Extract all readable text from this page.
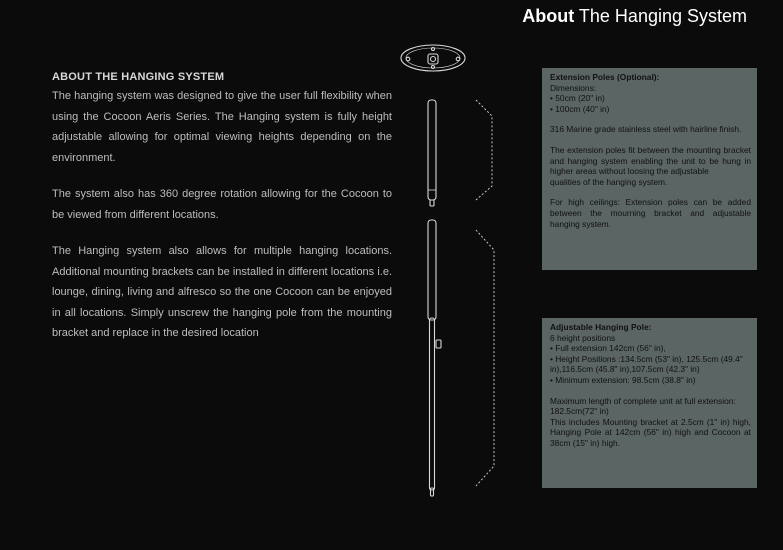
About The Hanging System
ABOUT THE HANGING SYSTEM

The hanging system was designed to give the user full flexibility when using the Cocoon Aeris Series. The Hanging system is fully height adjustable allowing for optimal viewing heights depending on the environment.

The system also has 360 degree rotation allowing for the Cocoon to be viewed from different locations.

The Hanging system also allows for multiple hanging locations. Additional mounting brackets can be installed in different locations i.e. lounge, dining, living and alfresco so the one Cocoon can be enjoyed in all locations. Simply unscrew the hanging pole from the mounting bracket and replace in the desired location

Extension Poles (Optional):

Dimensions:

• 50cm (20" in)

• 100cm (40" in)

316 Marine grade stainless steel with hairline finish.

The extension poles fit between the mounting bracket and hanging system enabling the unit to be hung in higher areas without loosing the adjustable

qualities of the hanging system.

For high ceilings: Extension poles can be added between the mourning bracket and adjustable hanging system.

Adjustable Hanging Pole:

6 height positions

• Full extension 142cm (56" in),

• Height Positions :134.5cm (53" in), 125.5cm (49.4"

in),116.5cm (45.8" in),107.5cm (42.3" in)

• Minimum extension: 98.5cm (38.8" in)

Maximum length of complete unit at full extension:

182.5cm(72" in)

This includes Mounting bracket at 2.5cm (1" in) high, Hanging Pole at 142cm (56" in) high and Cocoon at 38cm (15" in) high.
